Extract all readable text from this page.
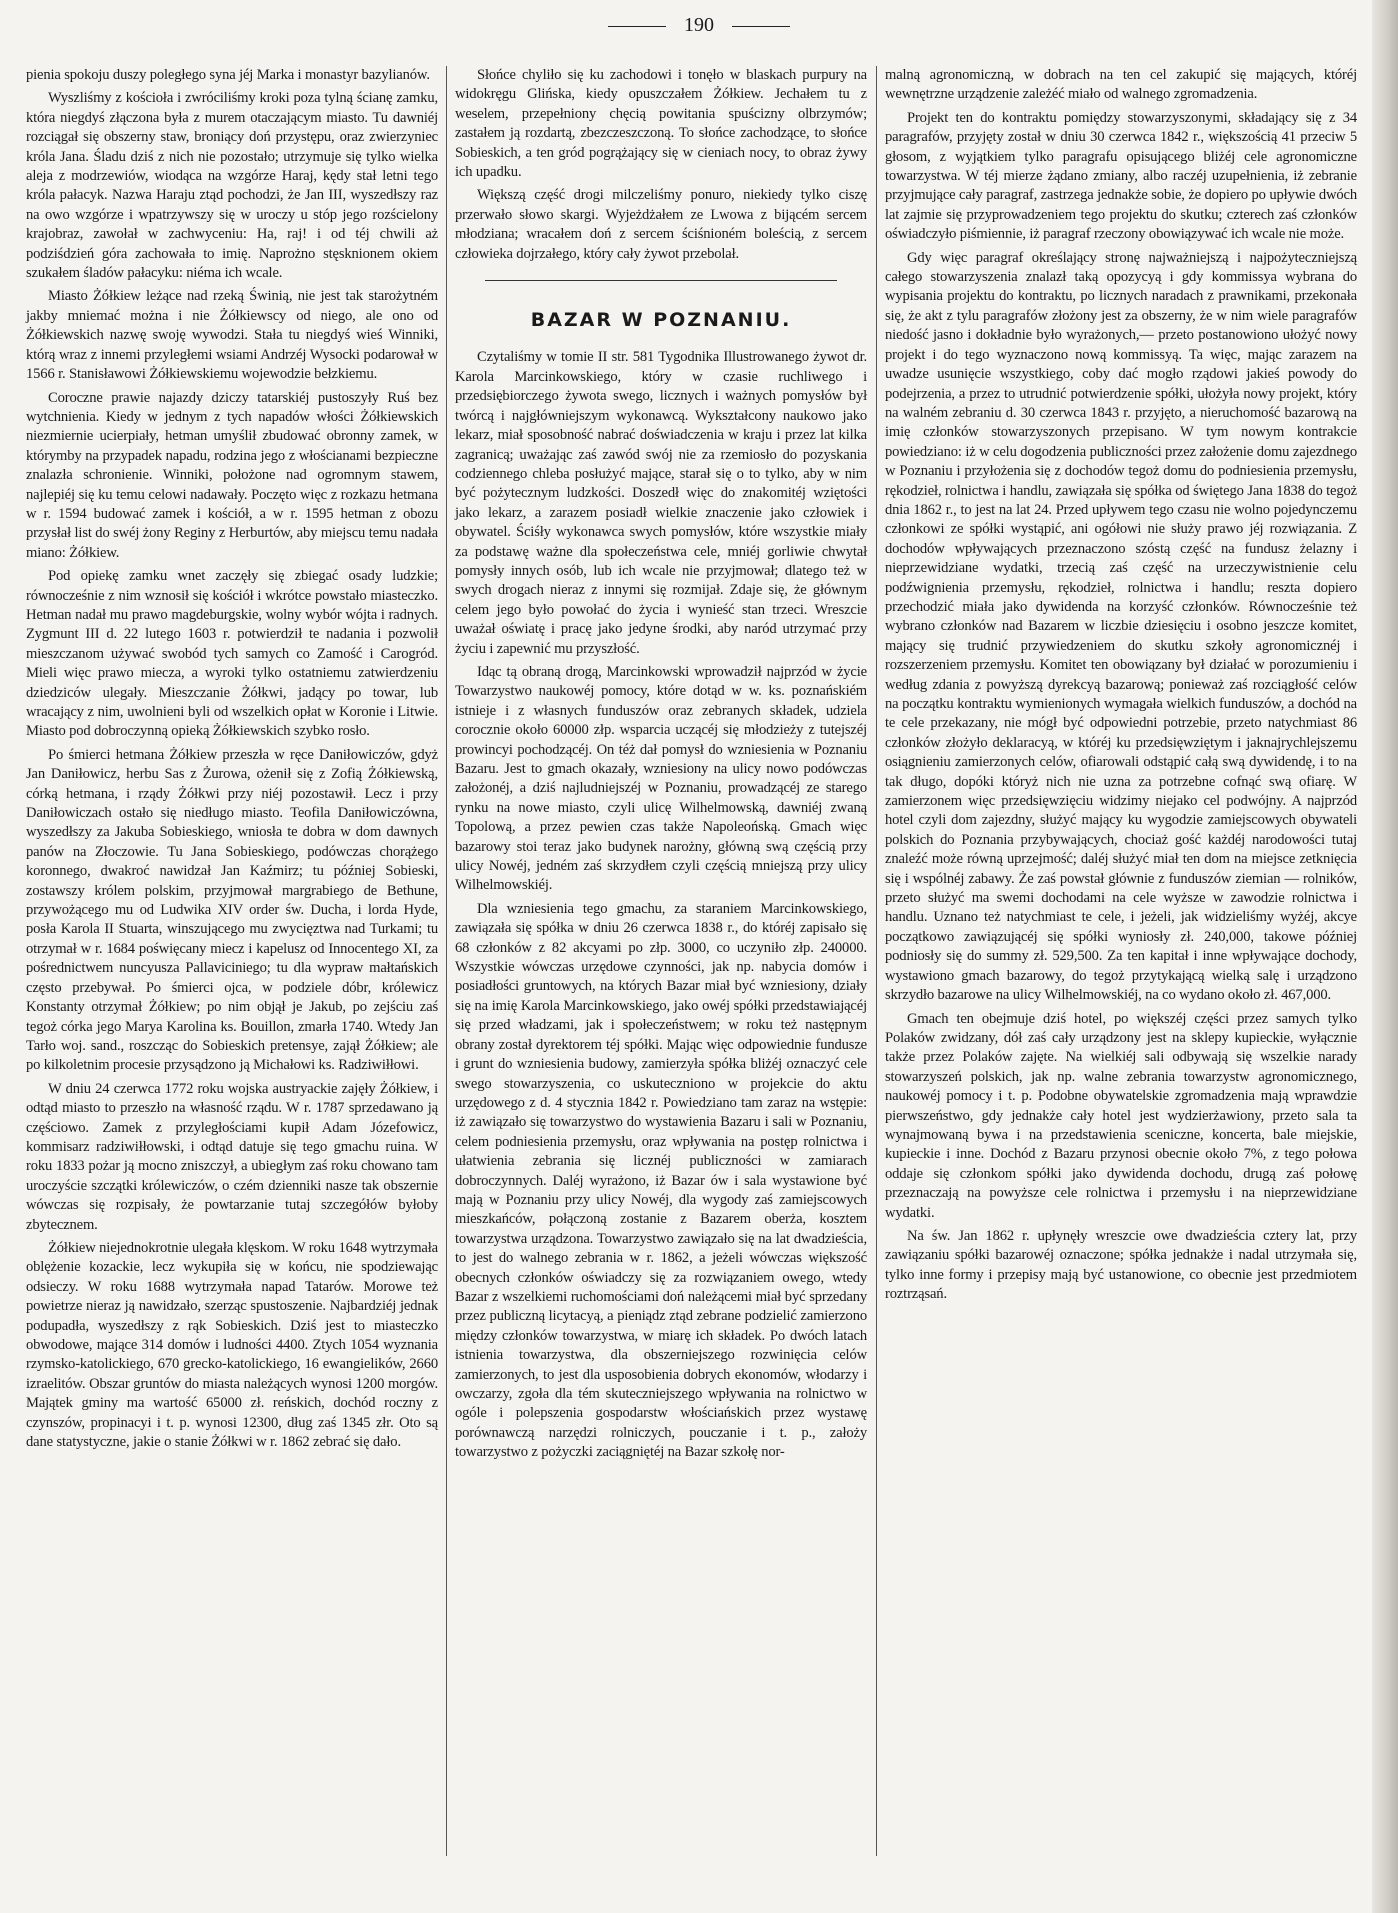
190

pienia spokoju duszy poległego syna jéj Marka i monastyr bazylianów.

Wyszliśmy z kościoła i zwróciliśmy kroki poza tylną ścianę zamku, która niegdyś złączona była z murem otaczającym miasto. Tu dawniéj rozciągał się obszerny staw, broniący doń przystępu, oraz zwierzyniec króla Jana. Śladu dziś z nich nie pozostało; utrzymuje się tylko wielka aleja z modrzewiów, wiodąca na wzgórze Haraj, kędy stał letni tego króla pałacyk. Nazwa Haraju ztąd pochodzi, że Jan III, wyszedłszy raz na owo wzgórze i wpatrzywszy się w uroczy u stóp jego rozścielony krajobraz, zawołał w zachwyceniu: Ha, raj! i od téj chwili aż podziśdzień góra zachowała to imię. Naprożno stęsknionem okiem szukałem śladów pałacyku: niéma ich wcale.

Miasto Żółkiew leżące nad rzeką Świnią, nie jest tak starożytném jakby mniemać można i nie Żółkiewscy od niego, ale ono od Żółkiewskich nazwę swoję wywodzi. Stała tu niegdyś wieś Winniki, którą wraz z innemi przyległemi wsiami Andrzéj Wysocki podarował w 1566 r. Stanisławowi Żółkiewskiemu wojewodzie bełzkiemu.

Coroczne prawie najazdy dziczy tatarskiéj pustoszyły Ruś bez wytchnienia. Kiedy w jednym z tych napadów włości Żółkiewskich niezmiernie ucierpiały, hetman umyślił zbudować obronny zamek, w którymby na przypadek napadu, rodzina jego z włościanami bezpieczne znalazła schronienie. Winniki, położone nad ogromnym stawem, najlepiéj się ku temu celowi nadawały. Poczęto więc z rozkazu hetmana w r. 1594 budować zamek i kościół, a w r. 1595 hetman z obozu przysłał list do swéj żony Reginy z Herburtów, aby miejscu temu nadała miano: Żółkiew.

Pod opiekę zamku wnet zaczęły się zbiegać osady ludzkie; równocześnie z nim wznosił się kościół i wkrótce powstało miasteczko. Hetman nadał mu prawo magdeburgskie, wolny wybór wójta i radnych. Zygmunt III d. 22 lutego 1603 r. potwierdził te nadania i pozwolił mieszczanom używać swobód tych samych co Zamość i Carogród. Mieli więc prawo miecza, a wyroki tylko ostatniemu zatwierdzeniu dziedziców ulegały. Mieszczanie Żółkwi, jadący po towar, lub wracający z nim, uwolnieni byli od wszelkich opłat w Koronie i Litwie. Miasto pod dobroczynną opieką Żółkiewskich szybko rosło.

Po śmierci hetmana Żółkiew przeszła w ręce Daniłowiczów, gdyż Jan Daniłowicz, herbu Sas z Żurowa, ożenił się z Zofią Żółkiewską, córką hetmana, i rządy Żółkwi przy niéj pozostawił. Lecz i przy Daniłowiczach ostało się niedługo miasto. Teofila Daniłowiczówna, wyszedłszy za Jakuba Sobieskiego, wniosła te dobra w dom dawnych panów na Złoczowie. Tu Jana Sobieskiego, podówczas chorążego koronnego, dwakroć nawidzał Jan Kaźmirz; tu później Sobieski, zostawszy królem polskim, przyjmował margrabiego de Bethune, przywożącego mu od Ludwika XIV order św. Ducha, i lorda Hyde, posła Karola II Stuarta, winszującego mu zwycięztwa nad Turkami; tu otrzymał w r. 1684 poświęcany miecz i kapelusz od Innocentego XI, za pośrednictwem nuncyusza Pallaviciniego; tu dla wypraw małtańskich często przebywał. Po śmierci ojca, w podziele dóbr, królewicz Konstanty otrzymał Żółkiew; po nim objął je Jakub, po zejściu zaś tegoż córka jego Marya Karolina ks. Bouillon, zmarła 1740. Wtedy Jan Tarło woj. sand., roszcząc do Sobieskich pretensye, zajął Żółkiew; ale po kilkoletnim procesie przysądzono ją Michałowi ks. Radziwiłłowi.

W dniu 24 czerwca 1772 roku wojska austryackie zajęły Żółkiew, i odtąd miasto to przeszło na własność rządu. W r. 1787 sprzedawano ją częściowo. Zamek z przyległościami kupił Adam Józefowicz, kommisarz radziwiłłowski, i odtąd datuje się tego gmachu ruina. W roku 1833 pożar ją mocno zniszczył, a ubiegłym zaś roku chowano tam uroczyście szczątki królewiczów, o czém dzienniki nasze tak obszernie wówczas się rozpisały, że powtarzanie tutaj szczegółów byłoby zbytecznem.

Żółkiew niejednokrotnie ulegała klęskom. W roku 1648 wytrzymała oblężenie kozackie, lecz wykupiła się w końcu, nie spodziewając odsieczy. W roku 1688 wytrzymała napad Tatarów. Morowe też powietrze nieraz ją nawidzało, szerząc spustoszenie. Najbardziéj jednak podupadła, wyszedłszy z rąk Sobieskich. Dziś jest to miasteczko obwodowe, mające 314 domów i ludności 4400. Ztych 1054 wyznania rzymsko-katolickiego, 670 grecko-katolickiego, 16 ewangielików, 2660 izraelitów. Obszar gruntów do miasta należących wynosi 1200 morgów. Majątek gminy ma wartość 65000 zł. reńskich, dochód roczny z czynszów, propinacyi i t. p. wynosi 12300, dług zaś 1345 złr. Oto są dane statystyczne, jakie o stanie Żółkwi w r. 1862 zebrać się dało.

Słońce chyliło się ku zachodowi i tonęło w blaskach purpury na widokręgu Glińska, kiedy opuszczałem Żółkiew. Jechałem tu z weselem, przepełniony chęcią powitania spuścizny olbrzymów; zastałem ją rozdartą, zbezczeszczoną. To słońce zachodzące, to słońce Sobieskich, a ten gród pogrążający się w cieniach nocy, to obraz żywy ich upadku.

Większą część drogi milczeliśmy ponuro, niekiedy tylko ciszę przerwało słowo skargi. Wyjeżdżałem ze Lwowa z bijącém sercem młodziana; wracałem doń z sercem ściśnioném boleścią, z sercem człowieka dojrzałego, który cały żywot przebolał.

BAZAR W POZNANIU.

Czytaliśmy w tomie II str. 581 Tygodnika Illustrowanego żywot dr. Karola Marcinkowskiego, który w czasie ruchliwego i przedsiębiorczego żywota swego, licznych i ważnych pomysłów był twórcą i najgłówniejszym wykonawcą. Wykształcony naukowo jako lekarz, miał sposobność nabrać doświadczenia w kraju i przez lat kilka zagranicą; uważając zaś zawód swój nie za rzemiosło do pozyskania codziennego chleba posłużyć mające, starał się o to tylko, aby w nim być pożytecznym ludzkości. Doszedł więc do znakomitéj wziętości jako lekarz, a zarazem posiadł wielkie znaczenie jako człowiek i obywatel. Ściśły wykonawca swych pomysłów, które wszystkie miały za podstawę ważne dla społeczeństwa cele, mniéj gorliwie chwytał pomysły innych osób, lub ich wcale nie przyjmował; dlatego też w swych drogach nieraz z innymi się rozmijał. Zdaje się, że głównym celem jego było powołać do życia i wynieść stan trzeci. Wreszcie uważał oświatę i pracę jako jedyne środki, aby naród utrzymać przy życiu i zapewnić mu przyszłość.

Idąc tą obraną drogą, Marcinkowski wprowadził najprzód w życie Towarzystwo naukowéj pomocy, które dotąd w w. ks. poznańskiém istnieje i z własnych funduszów oraz zebranych składek, udziela corocznie około 60000 złp. wsparcia uczącéj się młodzieży z tutejszéj prowincyi pochodzącéj. On téż dał pomysł do wzniesienia w Poznaniu Bazaru. Jest to gmach okazały, wzniesiony na ulicy nowo podówczas założonéj, a dziś najludniejszéj w Poznaniu, prowadzącéj ze starego rynku na nowe miasto, czyli ulicę Wilhelmowską, dawniéj zwaną Topolową, a przez pewien czas także Napoleońską. Gmach więc bazarowy stoi teraz jako budynek narożny, główną swą częścią przy ulicy Nowéj, jedném zaś skrzydłem czyli częścią mniejszą przy ulicy Wilhelmowskiéj.

Dla wzniesienia tego gmachu, za staraniem Marcinkowskiego, zawiązała się spółka w dniu 26 czerwca 1838 r., do któréj zapisało się 68 członków z 82 akcyami po złp. 3000, co uczyniło złp. 240000. Wszystkie wówczas urzędowe czynności, jak np. nabycia domów i posiadłości gruntowych, na których Bazar miał być wzniesiony, działy się na imię Karola Marcinkowskiego, jako owéj spółki przedstawiającéj się przed władzami, jak i społeczeństwem; w roku też następnym obrany został dyrektorem téj spółki. Mając więc odpowiednie fundusze i grunt do wzniesienia budowy, zamierzyła spółka bliżéj oznaczyć cele swego stowarzyszenia, co uskuteczniono w projekcie do aktu urzędowego z d. 4 stycznia 1842 r. Powiedziano tam zaraz na wstępie: iż zawiązało się towarzystwo do wystawienia Bazaru i sali w Poznaniu, celem podniesienia przemysłu, oraz wpływania na postęp rolnictwa i ułatwienia zebrania się licznéj publiczności w zamiarach dobroczynnych. Daléj wyrażono, iż Bazar ów i sala wystawione być mają w Poznaniu przy ulicy Nowéj, dla wygody zaś zamiejscowych mieszkańców, połączoną zostanie z Bazarem oberża, kosztem towarzystwa urządzona. Towarzystwo zawiązało się na lat dwadzieścia, to jest do walnego zebrania w r. 1862, a jeżeli wówczas większość obecnych członków oświadczy się za rozwiązaniem owego, wtedy Bazar z wszelkiemi ruchomościami doń należącemi miał być sprzedany przez publiczną licytacyą, a pieniądz ztąd zebrane podzielić zamierzono między członków towarzystwa, w miarę ich składek. Po dwóch latach istnienia towarzystwa, dla obszerniejszego rozwinięcia celów zamierzonych, to jest dla usposobienia dobrych ekonomów, włodarzy i owczarzy, zgoła dla tém skuteczniejszego wpływania na rolnictwo w ogóle i polepszenia gospodarstw włościańskich przez wystawę porównawczą narzędzi rolniczych, pouczanie i t. p., założy towarzystwo z pożyczki zaciągniętéj na Bazar szkołę nor-

malną agronomiczną, w dobrach na ten cel zakupić się mających, któréj wewnętrzne urządzenie zależéć miało od walnego zgromadzenia.

Projekt ten do kontraktu pomiędzy stowarzyszonymi, składający się z 34 paragrafów, przyjęty został w dniu 30 czerwca 1842 r., większością 41 przeciw 5 głosom, z wyjątkiem tylko paragrafu opisującego bliżéj cele agronomiczne towarzystwa. W téj mierze żądano zmiany, albo raczéj uzupełnienia, iż zebranie przyjmujące cały paragraf, zastrzega jednakże sobie, że dopiero po upływie dwóch lat zajmie się przyprowadzeniem tego projektu do skutku; czterech zaś członków oświadczyło piśmiennie, iż paragraf rzeczony obowiązywać ich wcale nie może.

Gdy więc paragraf określający stronę najważniejszą i najpożyteczniejszą całego stowarzyszenia znalazł taką opozycyą i gdy kommissya wybrana do wypisania projektu do kontraktu, po licznych naradach z prawnikami, przekonała się, że akt z tylu paragrafów złożony jest za obszerny, że w nim wiele paragrafów niedość jasno i dokładnie było wyrażonych,— przeto postanowiono ułożyć nowy projekt i do tego wyznaczono nową kommissyą. Ta więc, mając zarazem na uwadze usunięcie wszystkiego, coby dać mogło rządowi jakieś powody do podejrzenia, a przez to utrudnić potwierdzenie spółki, ułożyła nowy projekt, który na walném zebraniu d. 30 czerwca 1843 r. przyjęto, a nieruchomość bazarową na imię członków stowarzyszonych przepisano. W tym nowym kontrakcie powiedziano: iż w celu dogodzenia publiczności przez założenie domu zajezdnego w Poznaniu i przyłożenia się z dochodów tegoż domu do podniesienia przemysłu, rękodzieł, rolnictwa i handlu, zawiązała się spółka od świętego Jana 1838 do tegoż dnia 1862 r., to jest na lat 24. Przed upływem tego czasu nie wolno pojedynczemu członkowi ze spółki wystąpić, ani ogółowi nie służy prawo jéj rozwiązania. Z dochodów wpływających przeznaczono szóstą część na fundusz żelazny i nieprzewidziane wydatki, trzecią zaś część na urzeczywistnienie celu podźwignienia przemysłu, rękodzieł, rolnictwa i handlu; reszta dopiero przechodzić miała jako dywidenda na korzyść członków. Równocześnie też wybrano członków nad Bazarem w liczbie dziesięciu i osobno jeszcze komitet, mający się trudnić przywiedzeniem do skutku szkoły agronomicznéj i rozszerzeniem przemysłu. Komitet ten obowiązany był działać w porozumieniu i według zdania z powyższą dyrekcyą bazarową; ponieważ zaś rozciągłość celów na początku kontraktu wymienionych wymagała wielkich funduszów, a dochód na te cele przekazany, nie mógł być odpowiedni potrzebie, przeto natychmiast 86 członków złożyło deklaracyą, w któréj ku przedsięwziętym i jaknajrychlejszemu osiągnieniu zamierzonych celów, ofiarowali odstąpić całą swą dywidendę, i to na tak długo, dopóki któryż nich nie uzna za potrzebne cofnąć swą ofiarę. W zamierzonem więc przedsięwzięciu widzimy niejako cel podwójny. A najprzód hotel czyli dom zajezdny, służyć mający ku wygodzie zamiejscowych obywateli polskich do Poznania przybywających, chociaż gość każdéj narodowości tutaj znaleźć może równą uprzejmość; daléj służyć miał ten dom na miejsce zetknięcia się i wspólnéj zabawy. Że zaś powstał głównie z funduszów ziemian — rolników, przeto służyć ma swemi dochodami na cele wyższe w zawodzie rolnictwa i handlu. Uznano też natychmiast te cele, i jeżeli, jak widzieliśmy wyżéj, akcye początkowo zawiązującéj się spółki wyniosły zł. 240,000, takowe później podniosły się do summy zł. 529,500. Za ten kapitał i inne wpływające dochody, wystawiono gmach bazarowy, do tegoż przytykającą wielką salę i urządzono skrzydło bazarowe na ulicy Wilhelmowskiéj, na co wydano około zł. 467,000.

Gmach ten obejmuje dziś hotel, po większéj części przez samych tylko Polaków zwidzany, dół zaś cały urządzony jest na sklepy kupieckie, wyłącznie także przez Polaków zajęte. Na wielkiéj sali odbywają się wszelkie narady stowarzyszeń polskich, jak np. walne zebrania towarzystw agronomicznego, naukowéj pomocy i t. p. Podobne obywatelskie zgromadzenia mają wprawdzie pierwszeństwo, gdy jednakże cały hotel jest wydzierżawiony, przeto sala ta wynajmowaną bywa i na przedstawienia sceniczne, koncerta, bale miejskie, kupieckie i inne. Dochód z Bazaru przynosi obecnie około 7%, z tego połowa oddaje się członkom spółki jako dywidenda dochodu, drugą zaś połowę przeznaczają na powyższe cele rolnictwa i przemysłu i na nieprzewidziane wydatki.

Na św. Jan 1862 r. upłynęły wreszcie owe dwadzieścia cztery lat, przy zawiązaniu spółki bazarowéj oznaczone; spółka jednakże i nadal utrzymała się, tylko inne formy i przepisy mają być ustanowione, co obecnie jest przedmiotem roztrząsań.
